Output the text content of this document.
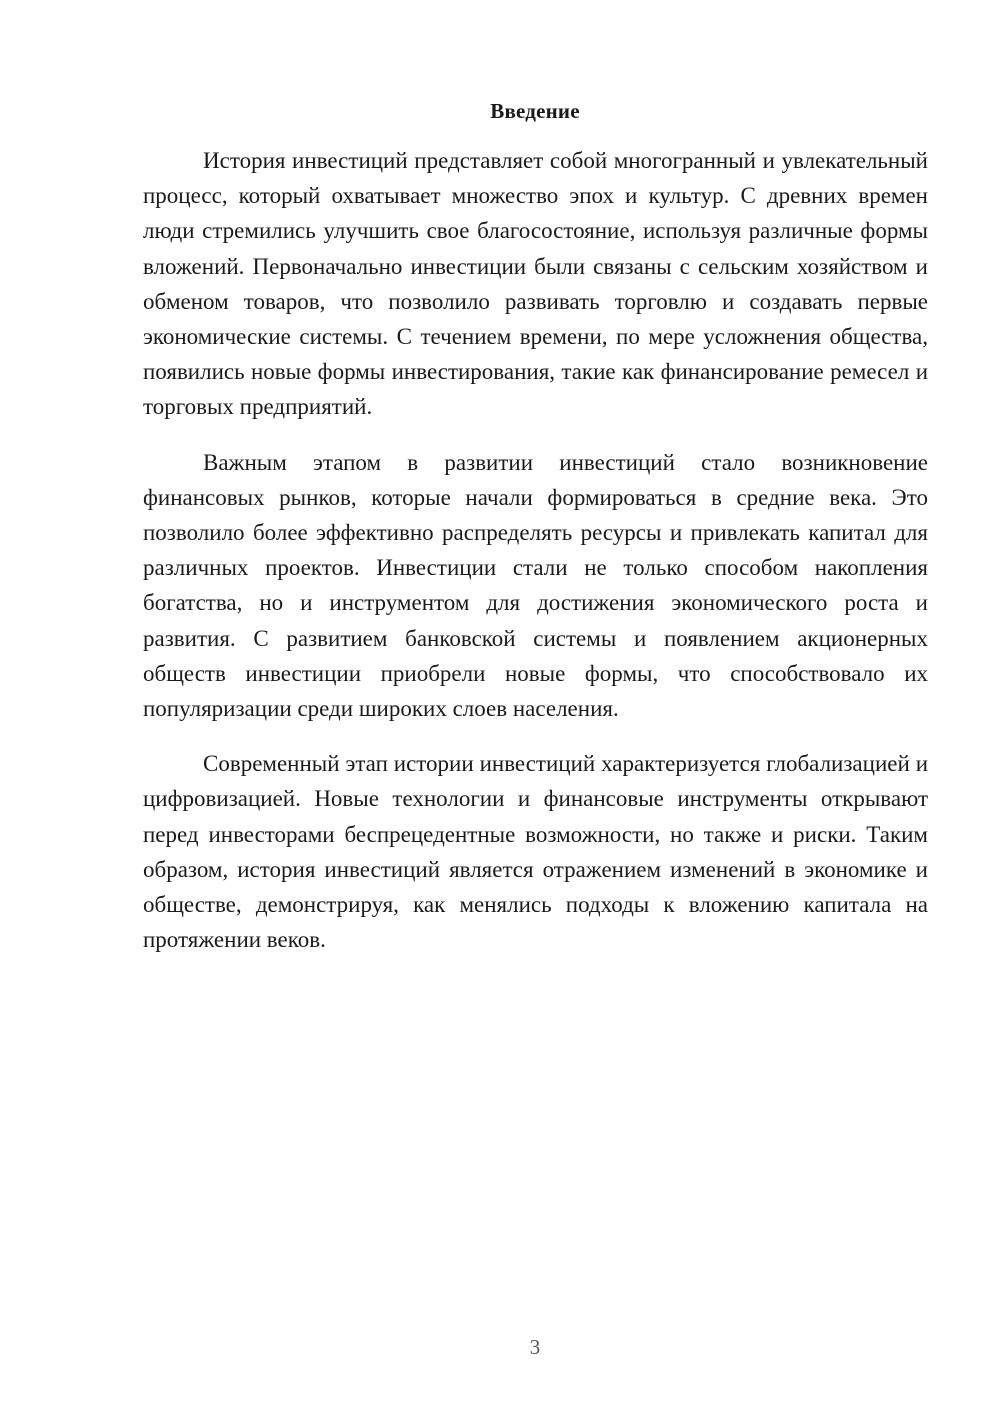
Введение

История инвестиций представляет собой многогранный и увлекательный процесс, который охватывает множество эпох и культур. С древних времен люди стремились улучшить свое благосостояние, используя различные формы вложений. Первоначально инвестиции были связаны с сельским хозяйством и обменом товаров, что позволило развивать торговлю и создавать первые экономические системы. С течением времени, по мере усложнения общества, появились новые формы инвестирования, такие как финансирование ремесел и торговых предприятий.

Важным этапом в развитии инвестиций стало возникновение финансовых рынков, которые начали формироваться в средние века. Это позволило более эффективно распределять ресурсы и привлекать капитал для различных проектов. Инвестиции стали не только способом накопления богатства, но и инструментом для достижения экономического роста и развития. С развитием банковской системы и появлением акционерных обществ инвестиции приобрели новые формы, что способствовало их популяризации среди широких слоев населения.

Современный этап истории инвестиций характеризуется глобализацией и цифровизацией. Новые технологии и финансовые инструменты открывают перед инвесторами беспрецедентные возможности, но также и риски. Таким образом, история инвестиций является отражением изменений в экономике и обществе, демонстрируя, как менялись подходы к вложению капитала на протяжении веков.

3
